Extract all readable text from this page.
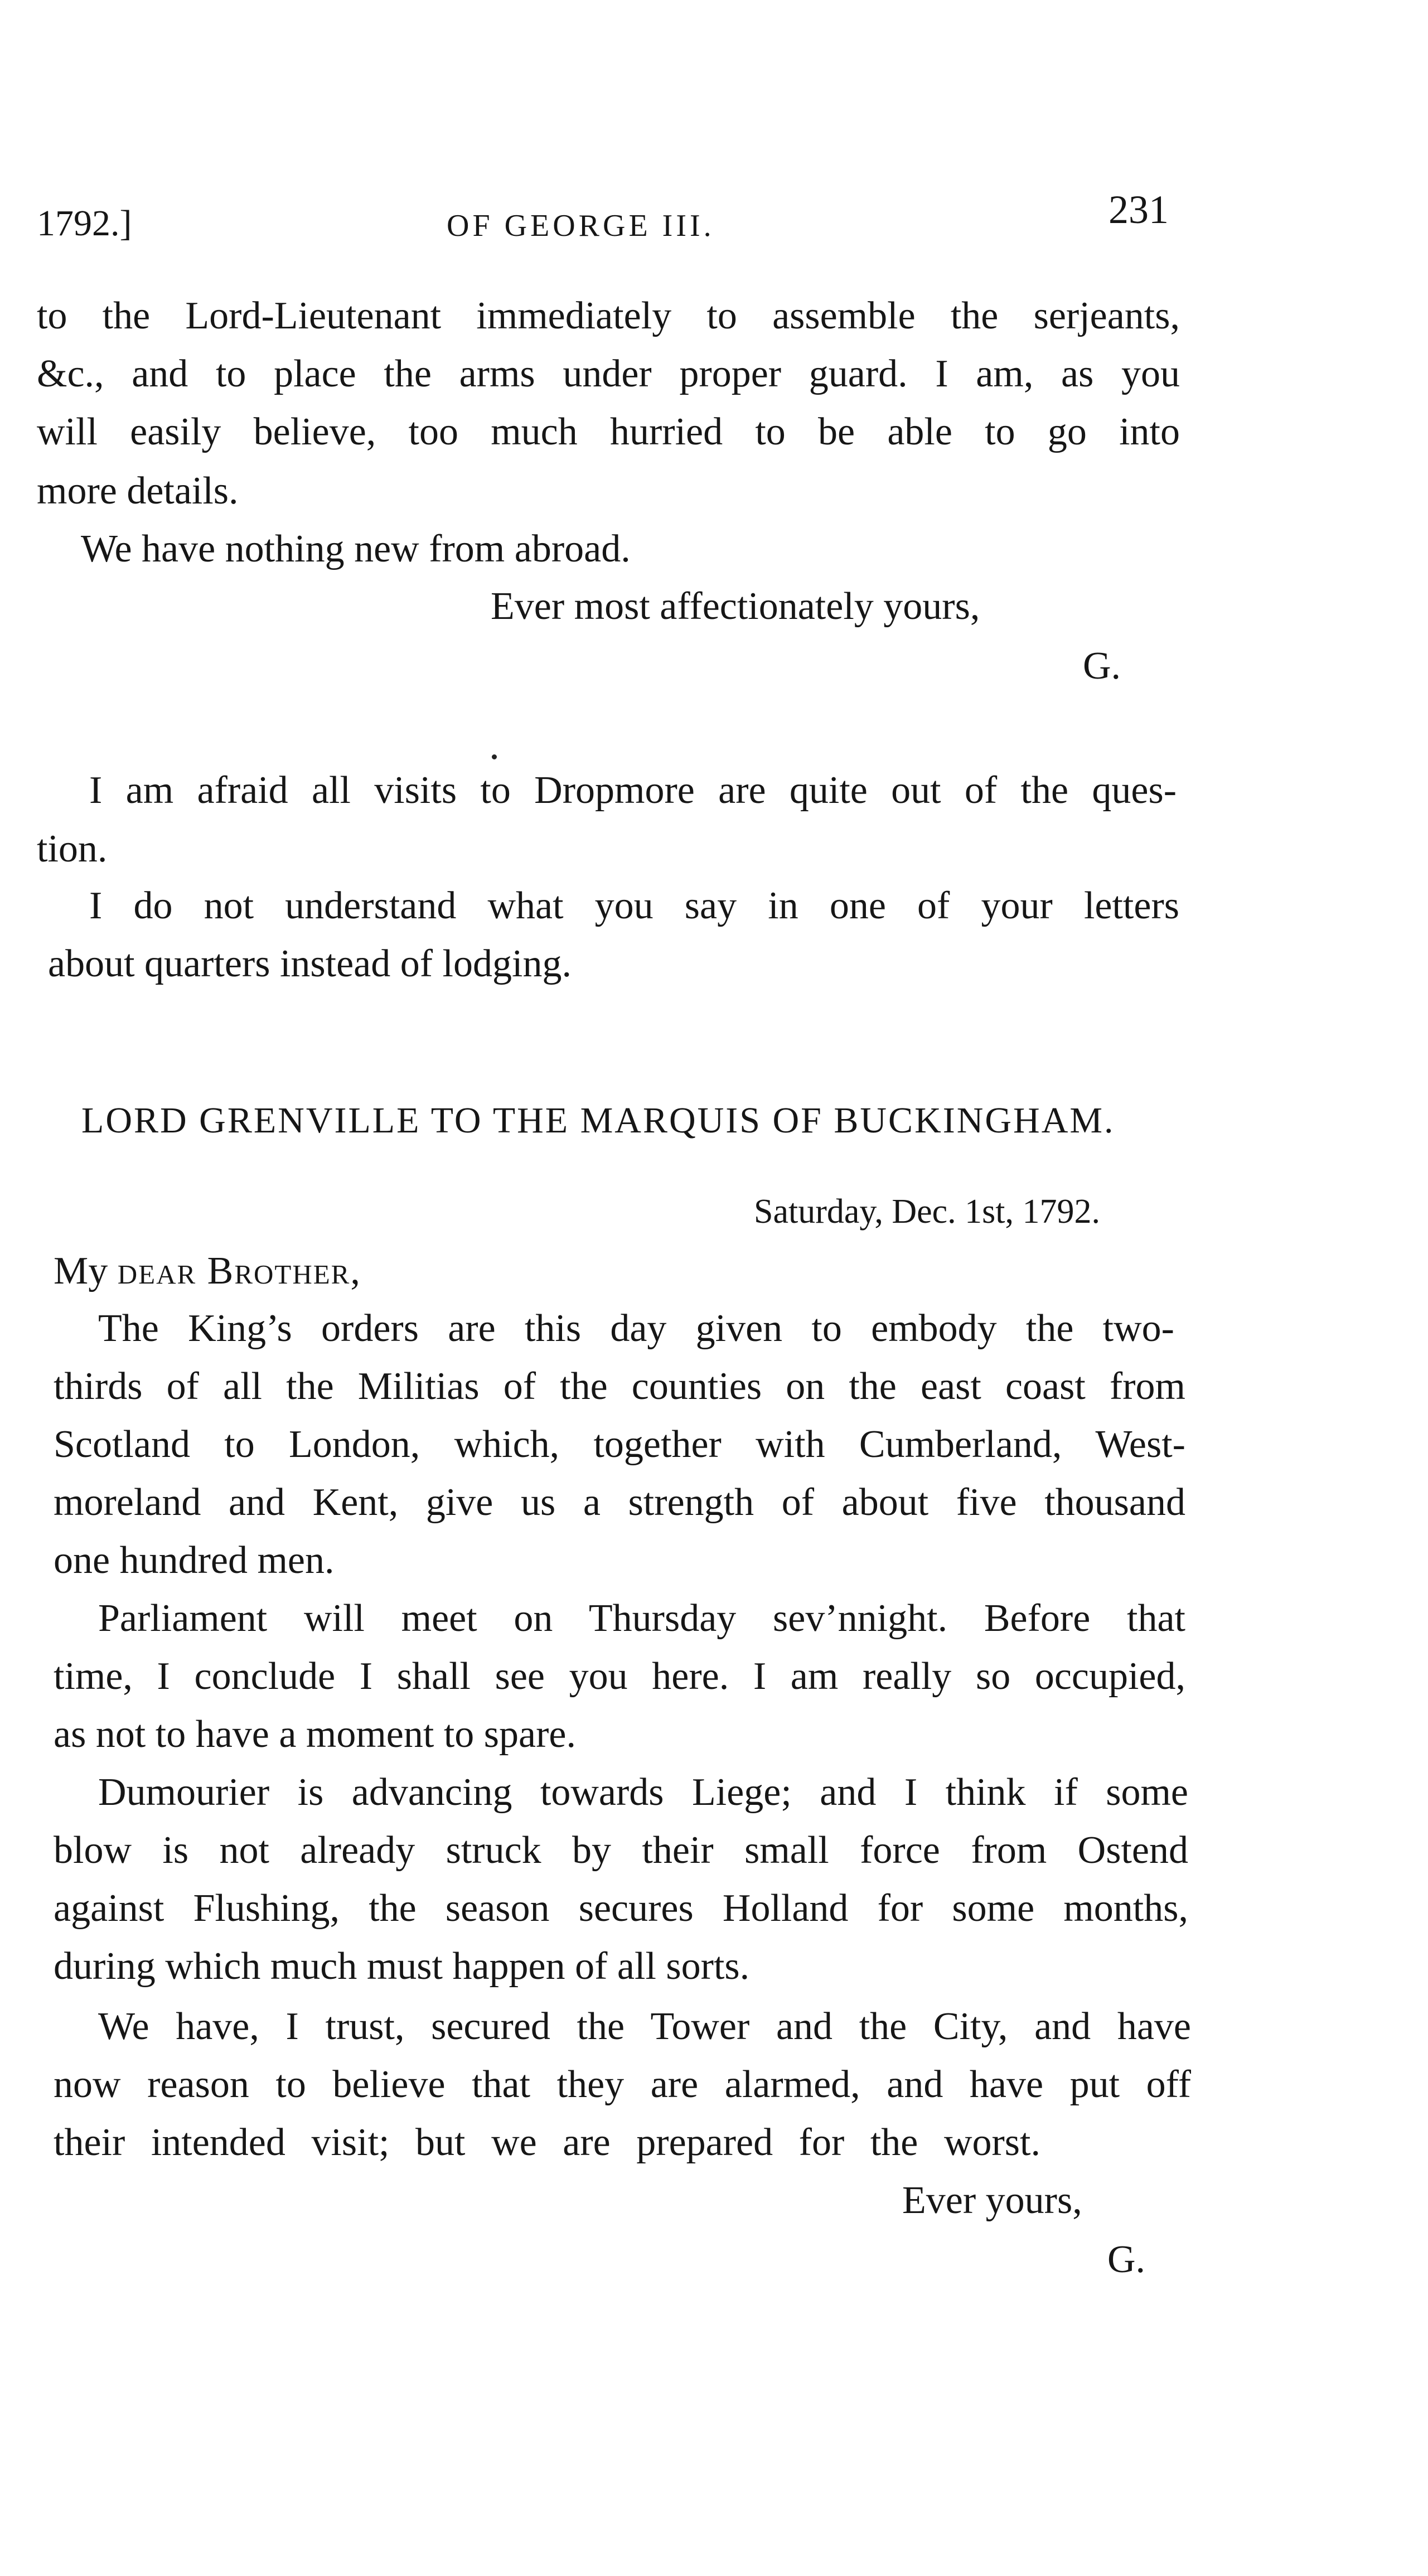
1792.]	OF GEORGE III.	231
to the Lord-Lieutenant immediately to assemble the serjeants,
&c., and to place the arms under proper guard. I am, as you
will easily believe, too much hurried to be able to go into
more details.
We have nothing new from abroad.
Ever most affectionately yours,
G.
I am afraid all visits to Dropmore are quite out of the ques-
tion.
I do not understand what you say in one of your letters
about quarters instead of lodging.
LORD GRENVILLE TO THE MARQUIS OF BUCKINGHAM.
Saturday, Dec. 1st, 1792.
My dear Brother,
The King’s orders are this day given to embody the two-
thirds of all the Militias of the counties on the east coast from
Scotland to London, which, together with Cumberland, West-
moreland and Kent, give us a strength of about five thousand
one hundred men.
Parliament will meet on Thursday sev’nnight. Before that
time, I conclude I shall see you here. I am really so occupied,
as not to have a moment to spare.
Dumourier is advancing towards Liege; and I think if some
blow is not already struck by their small force from Ostend
against Flushing, the season secures Holland for some months,
during which much must happen of all sorts.
We have, I trust, secured the Tower and the City, and have
now reason to believe that they are alarmed, and have put off
their intended visit; but we are prepared for the worst.
Ever yours,
G.
